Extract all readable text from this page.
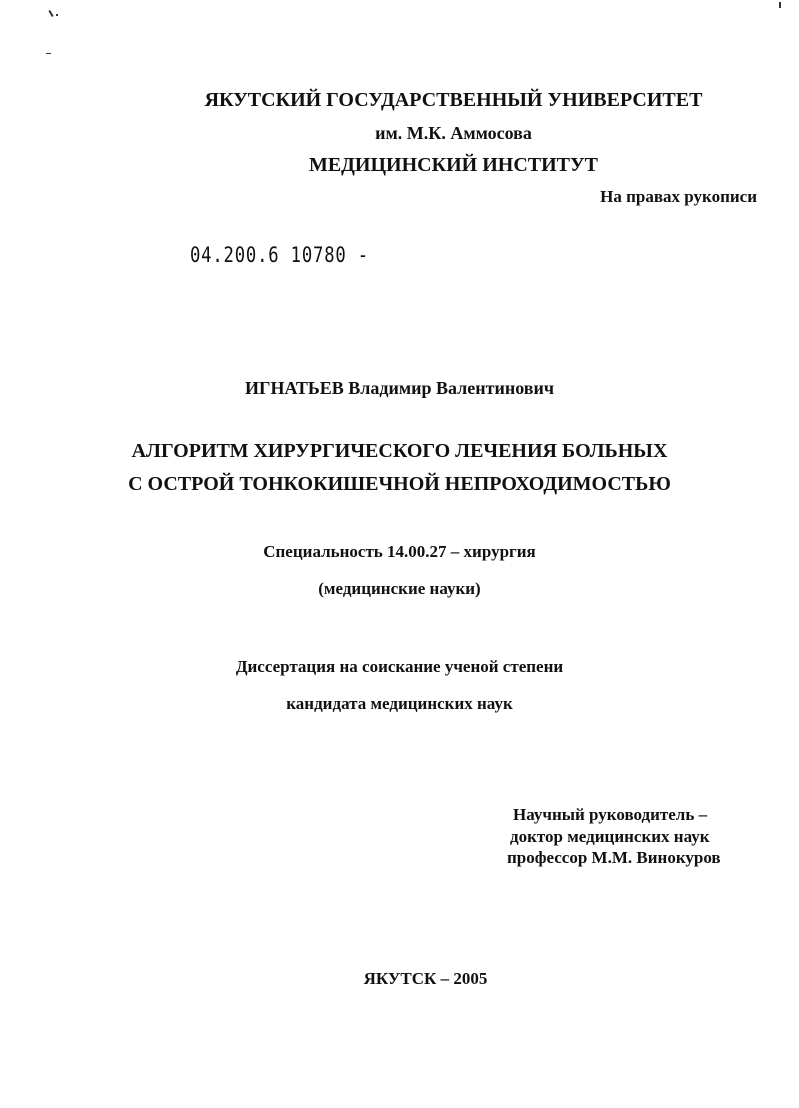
ЯКУТСКИЙ ГОСУДАРСТВЕННЫЙ УНИВЕРСИТЕТ
им. М.К. Аммосова
МЕДИЦИНСКИЙ ИНСТИТУТ
На правах рукописи
04.200.6 10780 -
ИГНАТЬЕВ Владимир Валентинович
АЛГОРИТМ ХИРУРГИЧЕСКОГО ЛЕЧЕНИЯ БОЛЬНЫХ
С ОСТРОЙ ТОНКОКИШЕЧНОЙ НЕПРОХОДИМОСТЬЮ
Специальность 14.00.27 – хирургия
(медицинские науки)
Диссертация на соискание ученой степени
кандидата медицинских наук
Научный руководитель –
доктор медицинских наук
профессор М.М. Винокуров
ЯКУТСК – 2005
